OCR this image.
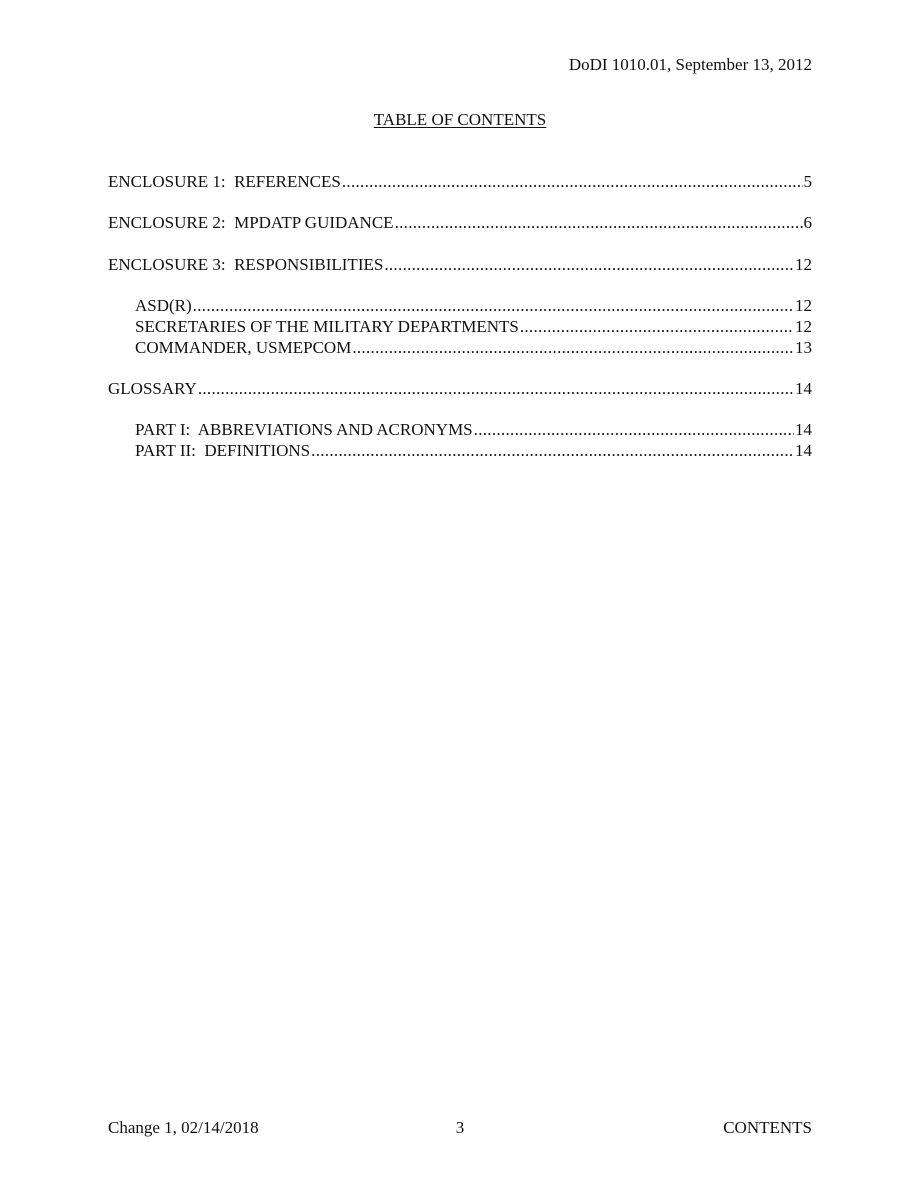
DoDI 1010.01, September 13, 2012
TABLE OF CONTENTS
ENCLOSURE 1:  REFERENCES .....	5
ENCLOSURE 2:  MPDATP GUIDANCE .....	6
ENCLOSURE 3:  RESPONSIBILITIES .....	12
ASD(R) .....	12
SECRETARIES OF THE MILITARY DEPARTMENTS .....	12
COMMANDER, USMEPCOM .....	13
GLOSSARY .....	14
PART I:  ABBREVIATIONS AND ACRONYMS .....	14
PART II:  DEFINITIONS .....	14
Change 1, 02/14/2018	3	CONTENTS
